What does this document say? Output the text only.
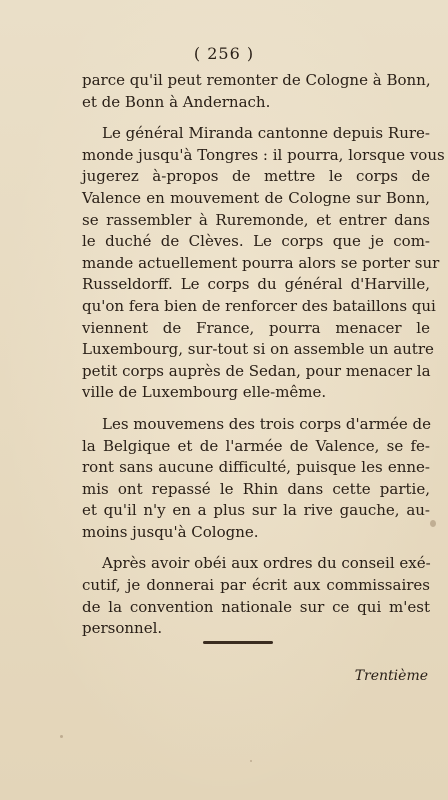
( 256 )

parce qu'il peut remonter de Cologne à Bonn,
et de Bonn à Andernach.

Le général Miranda cantonne depuis Rure-
monde jusqu'à Tongres : il pourra, lorsque vous
jugerez à-propos de mettre le corps de
Valence en mouvement de Cologne sur Bonn,
se rassembler à Ruremonde, et entrer dans
le duché de Clèves. Le corps que je com-
mande actuellement pourra alors se porter sur
Russeldorff. Le corps du général d'Harville,
qu'on fera bien de renforcer des bataillons qui
viennent de France, pourra menacer le
Luxembourg, sur-tout si on assemble un autre
petit corps auprès de Sedan, pour menacer la
ville de Luxembourg elle-même.

Les mouvemens des trois corps d'armée de
la Belgique et de l'armée de Valence, se fe-
ront sans aucune difficulté, puisque les enne-
mis ont repassé le Rhin dans cette partie,
et qu'il n'y en a plus sur la rive gauche, au-
moins jusqu'à Cologne.

Après avoir obéi aux ordres du conseil exé-
cutif, je donnerai par écrit aux commissaires
de la convention nationale sur ce qui m'est
personnel.

Trentième
